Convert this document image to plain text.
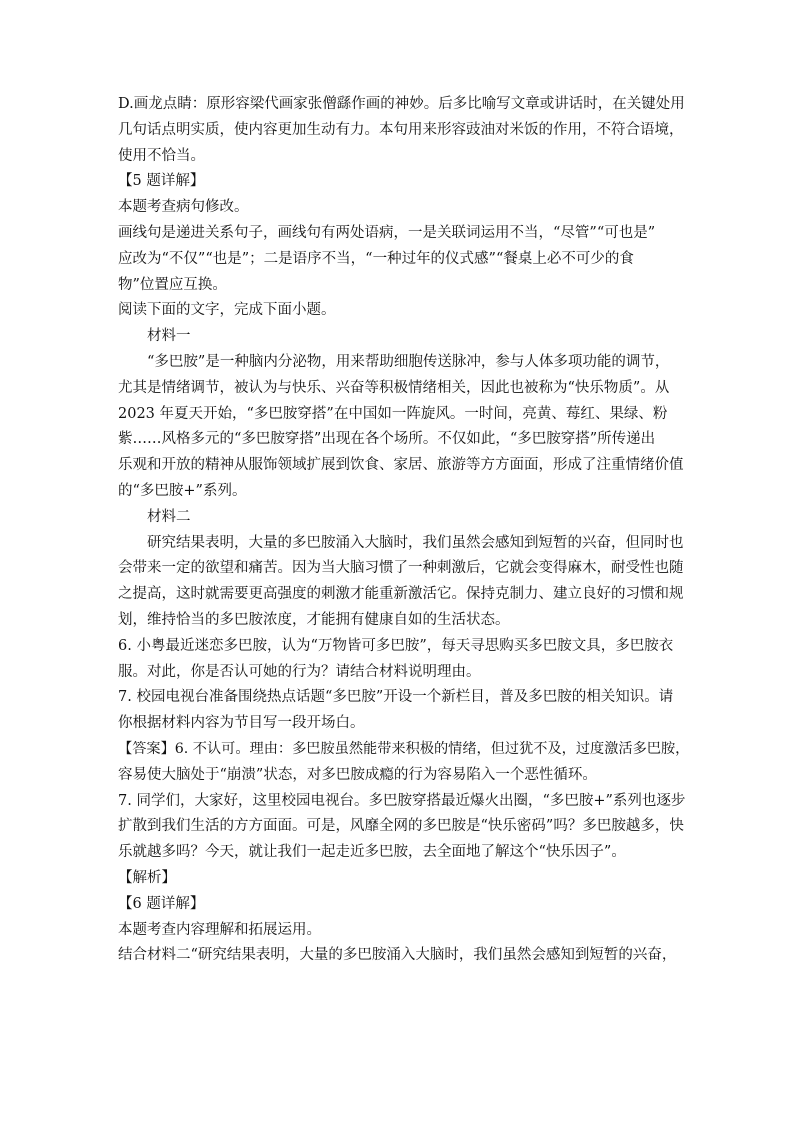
D.画龙点睛：原形容梁代画家张僧繇作画的神妙。后多比喻写文章或讲话时，在关键处用
几句话点明实质，使内容更加生动有力。本句用来形容豉油对米饭的作用，不符合语境，
使用不恰当。
【5 题详解】
本题考查病句修改。
画线句是递进关系句子，画线句有两处语病，一是关联词运用不当，“尽管”“可也是”
应改为“不仅”“也是”；二是语序不当，“一种过年的仪式感”“餐桌上必不可少的食
物”位置应互换。
阅读下面的文字，完成下面小题。
材料一
“多巴胺”是一种脑内分泌物，用来帮助细胞传送脉冲，参与人体多项功能的调节，
尤其是情绪调节，被认为与快乐、兴奋等积极情绪相关，因此也被称为“快乐物质”。从
2023 年夏天开始，“多巴胺穿搭”在中国如一阵旋风。一时间，亮黄、莓红、果绿、粉
紫……风格多元的“多巴胺穿搭”出现在各个场所。不仅如此，“多巴胺穿搭”所传递出
乐观和开放的精神从服饰领域扩展到饮食、家居、旅游等方方面面，形成了注重情绪价值
的“多巴胺+”系列。
材料二
研究结果表明，大量的多巴胺涌入大脑时，我们虽然会感知到短暂的兴奋，但同时也
会带来一定的欲望和痛苦。因为当大脑习惯了一种刺激后，它就会变得麻木，耐受性也随
之提高，这时就需要更高强度的刺激才能重新激活它。保持克制力、建立良好的习惯和规
划，维持恰当的多巴胺浓度，才能拥有健康自如的生活状态。
6. 小粤最近迷恋多巴胺，认为“万物皆可多巴胺”，每天寻思购买多巴胺文具，多巴胺衣
服。对此，你是否认可她的行为？请结合材料说明理由。
7. 校园电视台准备围绕热点话题“多巴胺”开设一个新栏目，普及多巴胺的相关知识。请
你根据材料内容为节目写一段开场白。
【答案】6. 不认可。理由：多巴胺虽然能带来积极的情绪，但过犹不及，过度激活多巴胺，
容易使大脑处于“崩溃”状态，对多巴胺成瘾的行为容易陷入一个恶性循环。
7. 同学们，大家好，这里校园电视台。多巴胺穿搭最近爆火出圈，“多巴胺+”系列也逐步
扩散到我们生活的方方面面。可是，风靡全网的多巴胺是“快乐密码”吗？多巴胺越多，快
乐就越多吗？今天，就让我们一起走近多巴胺，去全面地了解这个“快乐因子”。
【解析】
【6 题详解】
本题考查内容理解和拓展运用。
结合材料二“研究结果表明，大量的多巴胺涌入大脑时，我们虽然会感知到短暂的兴奋，
